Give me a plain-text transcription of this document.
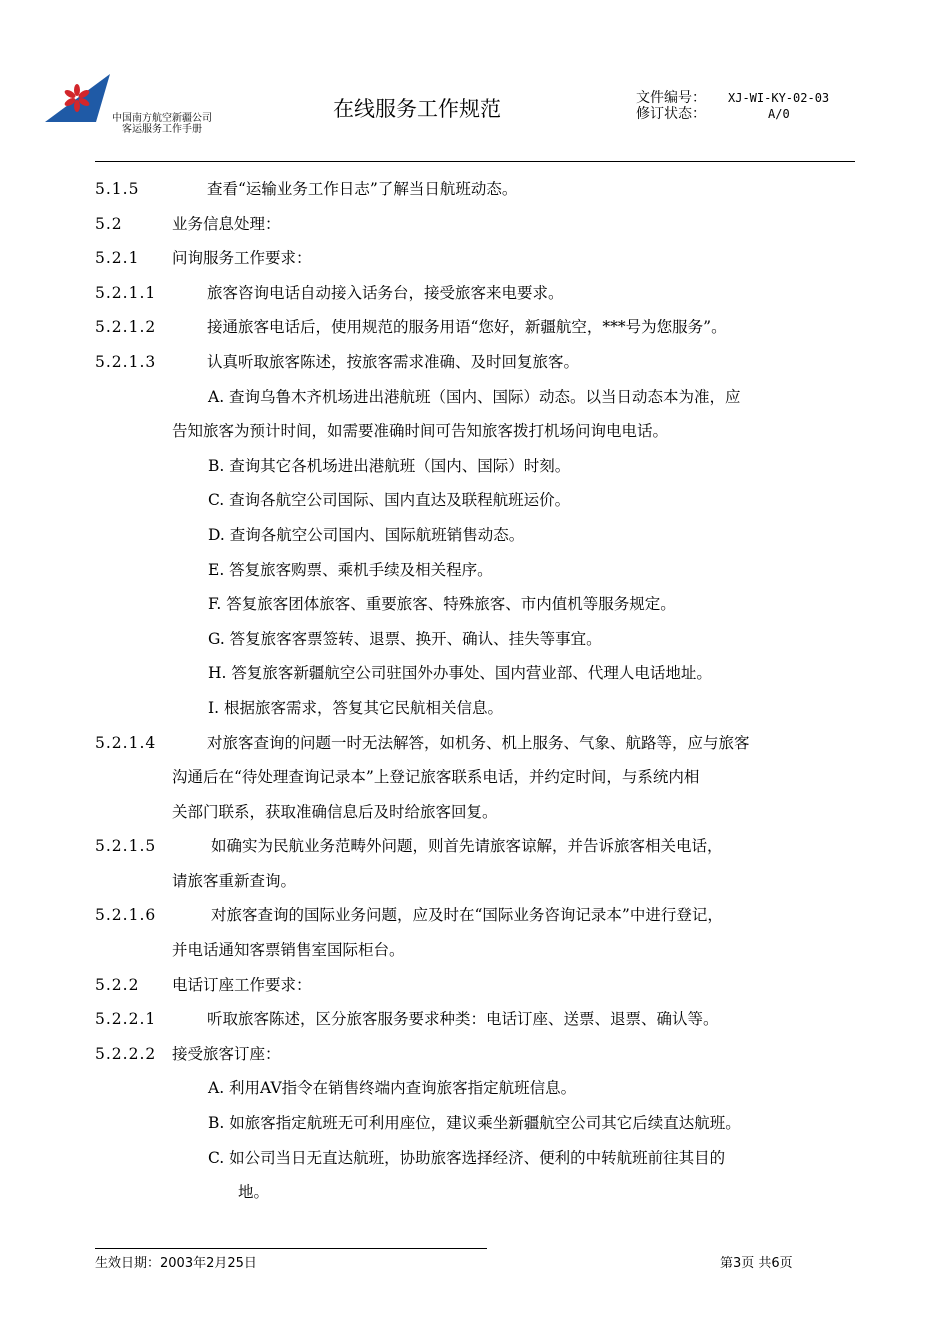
中国南方航空新疆公司
客运服务工作手册
在线服务工作规范	文件编号： XJ-WI-KY-02-03
修订状态：	A/0
5.1.5	查看“运输业务工作日志”了解当日航班动态。
5.2	业务信息处理：
5.2.1 问询服务工作要求：
5.2.1.1	旅客咨询电话自动接入话务台，接受旅客来电要求。
5.2.1.2	接通旅客电话后，使用规范的服务用语“您好，新疆航空，***号为您服务”。
5.2.1.3	认真听取旅客陈述，按旅客需求准确、及时回复旅客。
A. 查询乌鲁木齐机场进出港航班（国内、国际）动态。以当日动态本为准，应
告知旅客为预计时间，如需要准确时间可告知旅客拨打机场问询电电话。
B. 查询其它各机场进出港航班（国内、国际）时刻。
C. 查询各航空公司国际、国内直达及联程航班运价。
D. 查询各航空公司国内、国际航班销售动态。
E. 答复旅客购票、乘机手续及相关程序。
F. 答复旅客团体旅客、重要旅客、特殊旅客、市内值机等服务规定。
G. 答复旅客客票签转、退票、换开、确认、挂失等事宜。
H. 答复旅客新疆航空公司驻国外办事处、国内营业部、代理人电话地址。
I. 根据旅客需求，答复其它民航相关信息。
5.2.1.4	对旅客查询的问题一时无法解答，如机务、机上服务、气象、航路等，应与旅客
沟通后在“待处理查询记录本”上登记旅客联系电话，并约定时间，与系统内相
关部门联系，获取准确信息后及时给旅客回复。
5.2.1.5	如确实为民航业务范畴外问题，则首先请旅客谅解，并告诉旅客相关电话，
请旅客重新查询。
5.2.1.6	对旅客查询的国际业务问题，应及时在“国际业务咨询记录本”中进行登记，
并电话通知客票销售室国际柜台。
5.2.2 电话订座工作要求：
5.2.2.1	听取旅客陈述，区分旅客服务要求种类：电话订座、送票、退票、确认等。
5.2.2.2 接受旅客订座：
A. 利用AV指令在销售终端内查询旅客指定航班信息。
B. 如旅客指定航班无可利用座位，建议乘坐新疆航空公司其它后续直达航班。
C. 如公司当日无直达航班，协助旅客选择经济、便利的中转航班前往其目的
地。
生效日期：2003年2月25日	第3页 共6页
